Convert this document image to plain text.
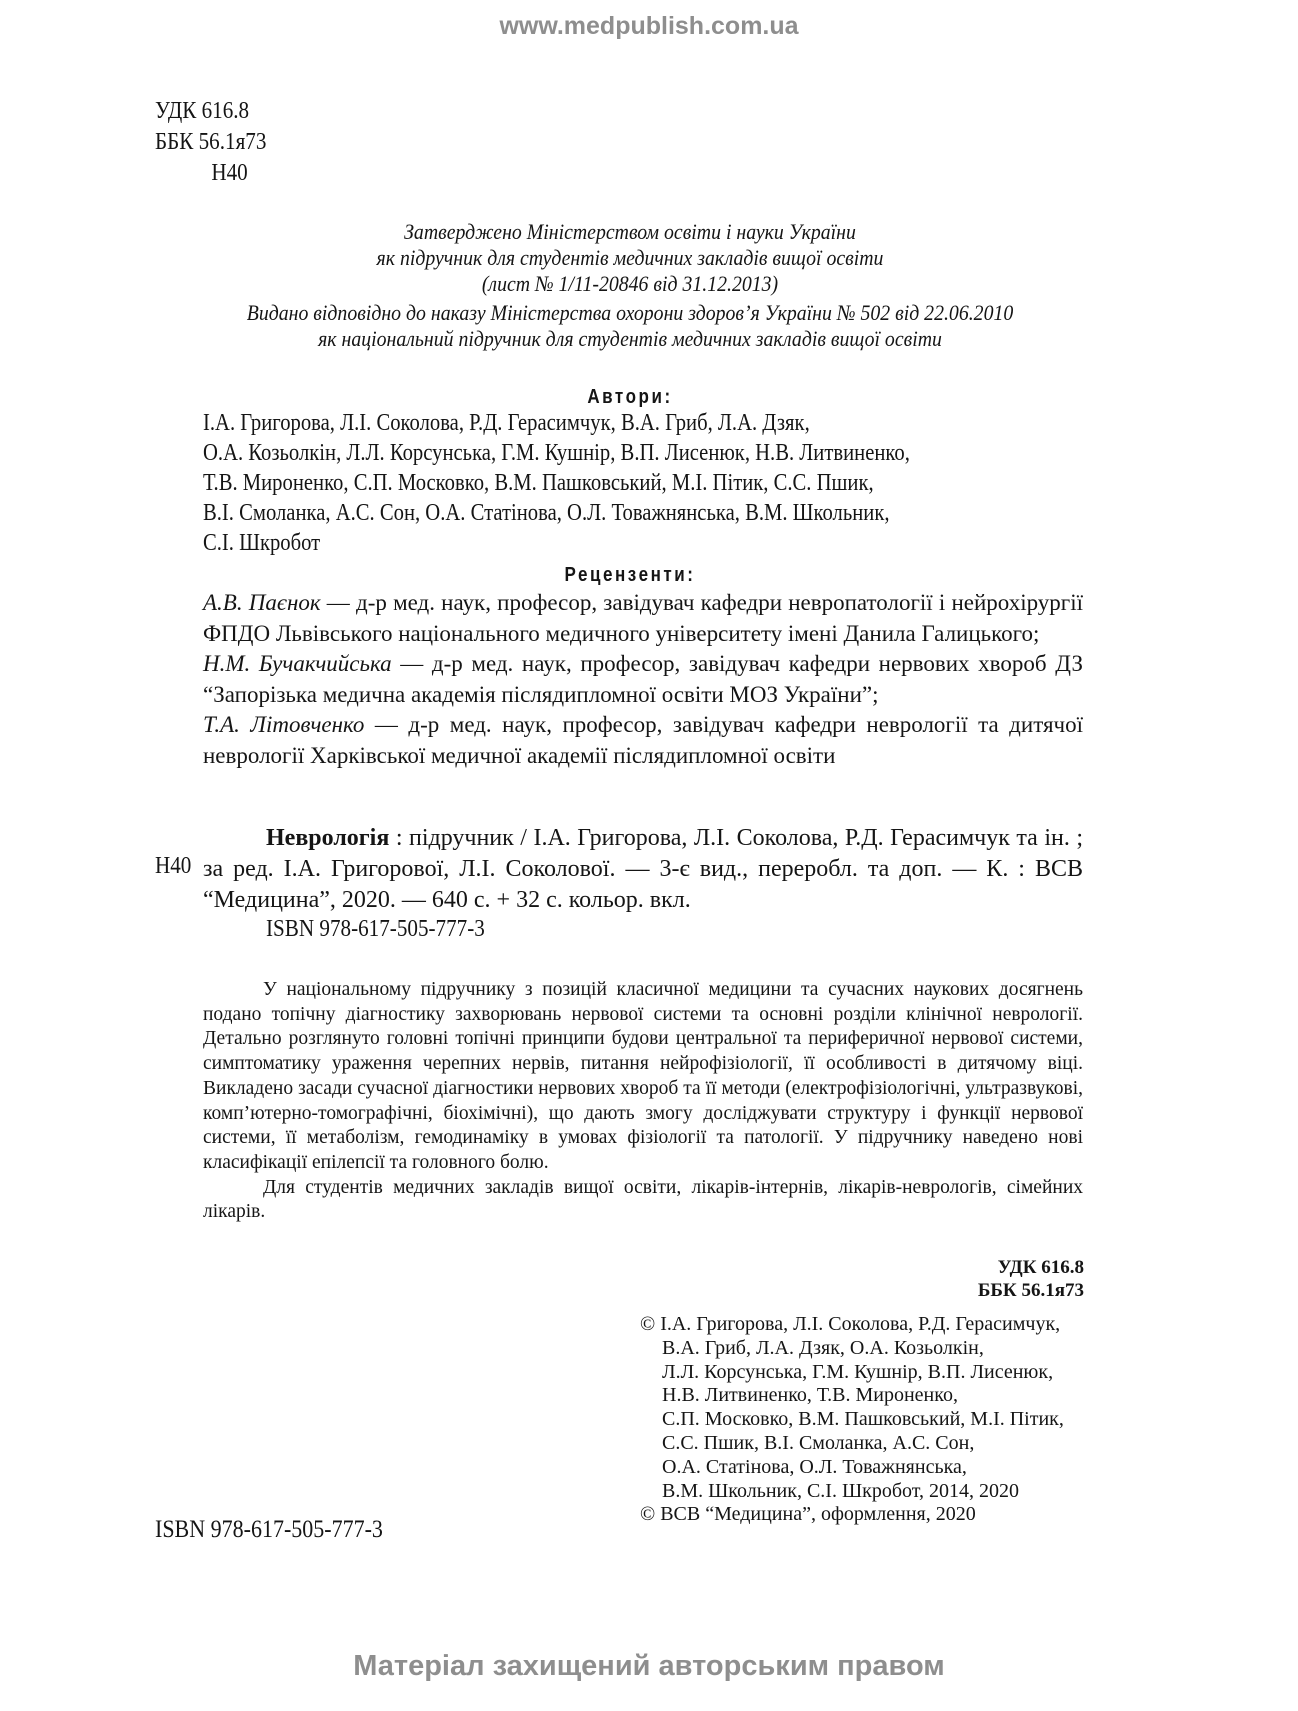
www.medpublish.com.ua
УДК 616.8
ББК 56.1я73
Н40
Затверджено Міністерством освіти і науки України
як підручник для студентів медичних закладів вищої освіти
(лист № 1/11-20846 від 31.12.2013)
Видано відповідно до наказу Міністерства охорони здоров’я України № 502 від 22.06.2010
як національний підручник для студентів медичних закладів вищої освіти
Автори:
І.А. Григорова, Л.І. Соколова, Р.Д. Герасимчук, В.А. Гриб, Л.А. Дзяк,
О.А. Козьолкін, Л.Л. Корсунська, Г.М. Кушнір, В.П. Лисенюк, Н.В. Литвиненко,
Т.В. Мироненко, С.П. Московко, В.М. Пашковський, М.І. Пітик, С.С. Пшик,
В.І. Смоланка, А.С. Сон, О.А. Статінова, О.Л. Товажнянська, В.М. Школьник,
С.І. Шкробот
Рецензенти:

А.В. Паєнок — д-р мед. наук, професор, завідувач кафедри невропатології і нейрохірургії ФПДО Львівського національного медичного університету імені Данила Галицького;

Н.М. Бучакчийська — д-р мед. наук, професор, завідувач кафедри нервових хвороб ДЗ “Запорізька медична академія післядипломної освіти МОЗ України”;

Т.А. Літовченко — д-р мед. наук, професор, завідувач кафедри неврології та дитячої неврології Харківської медичної академії післядипломної освіти

Н40

Неврологія : підручник / І.А. Григорова, Л.І. Соколова, Р.Д. Герасимчук та ін. ; за ред. І.А. Григорової, Л.І. Соколової. — 3-є вид., переробл. та доп. — К. : ВСВ “Медицина”, 2020. — 640 с. + 32 с. кольор. вкл.

ISBN 978-617-505-777-3

У національному підручнику з позицій класичної медицини та сучасних наукових досягнень подано топічну діагностику захворювань нервової системи та основні розділи клінічної неврології. Детально розглянуто головні топічні принципи будови центральної та периферичної нервової системи, симптоматику ураження черепних нервів, питання нейрофізіології, її особливості в дитячому віці. Викладено засади сучасної діагностики нервових хвороб та її методи (електрофізіологічні, ультразвукові, комп’ютерно-томографічні, біохімічні), що дають змогу досліджувати структуру і функції нервової системи, її метаболізм, гемодинаміку в умовах фізіології та патології. У підручнику наведено нові класифікації епілепсії та головного болю.

Для студентів медичних закладів вищої освіти, лікарів-інтернів, лікарів-неврологів, сімейних лікарів.

УДК 616.8
ББК 56.1я73
© І.А. Григорова, Л.І. Соколова, Р.Д. Герасимчук,
В.А. Гриб, Л.А. Дзяк, О.А. Козьолкін,
Л.Л. Корсунська, Г.М. Кушнір, В.П. Лисенюк,
Н.В. Литвиненко, Т.В. Мироненко,
С.П. Московко, В.М. Пашковський, М.І. Пітик,
С.С. Пшик, В.І. Смоланка, А.С. Сон,
О.А. Статінова, О.Л. Товажнянська,
В.М. Школьник, С.І. Шкробот, 2014, 2020
© ВСВ “Медицина”, оформлення, 2020
ISBN 978-617-505-777-3
Матеріал захищений авторським правом
